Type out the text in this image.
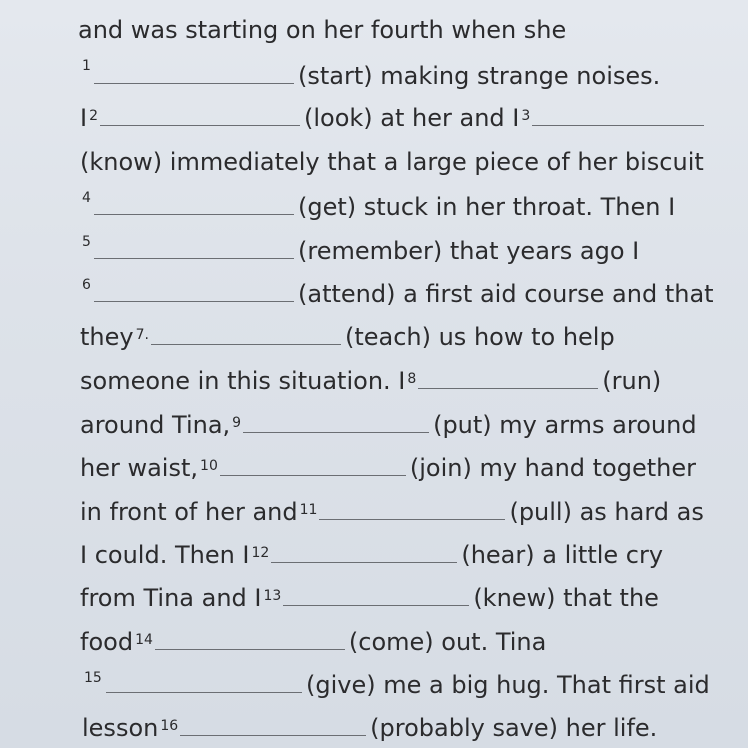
and was starting on her fourth when she
1	(start) making strange noises.
I $^2$	(look) at her and I $^3$
(know) immediately that a large piece of her biscuit
4	(get) stuck in her throat. Then I
5	(remember) that years ago I
6	(attend) a first aid course and that
they $^{7.}$	(teach) us how to help
someone in this situation. I $^8$	(run)
around Tina, $^9$	(put) my arms around
her waist, $^{10}$	(join) my hand together
in front of her and $^{11}$	(pull) as hard as
I could. Then I $^{12}$	(hear) a little cry
from Tina and I $^{13}$	(knew) that the
food $^{14}$	(come) out. Tina
15	(give) me a big hug. That first aid
lesson $^{16}$	(probably save) her life.
